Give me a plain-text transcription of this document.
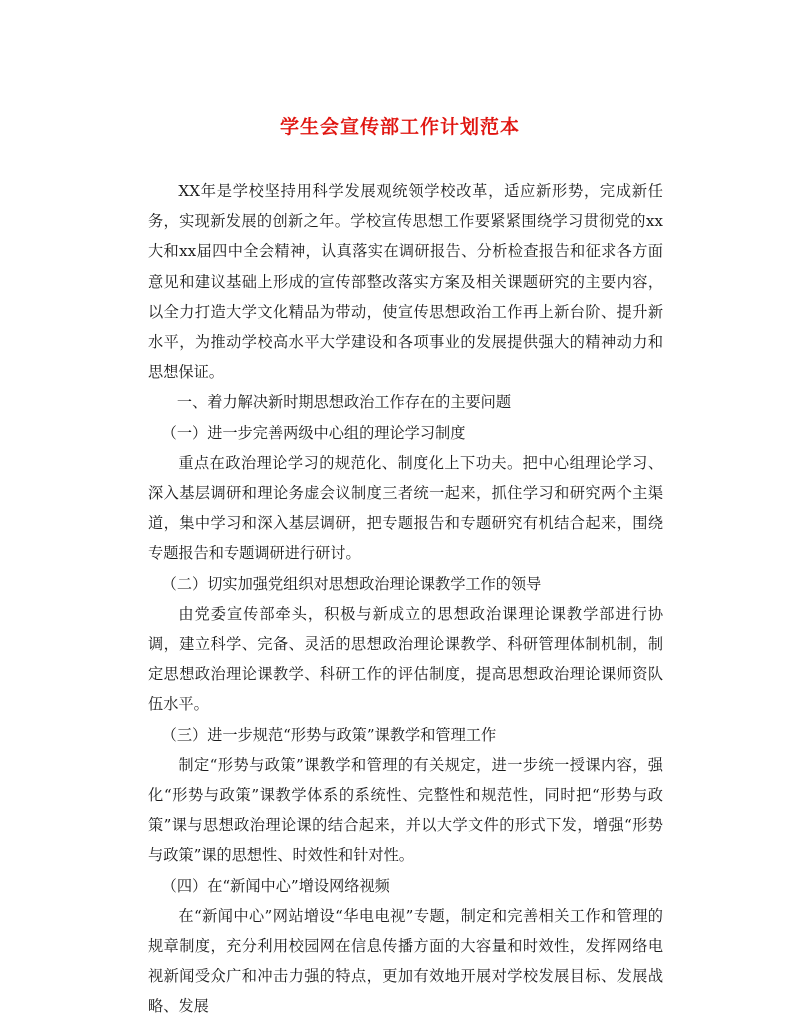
学生会宣传部工作计划范本

XX年是学校坚持用科学发展观统领学校改革，适应新形势，完成新任务，实现新发展的创新之年。学校宣传思想工作要紧紧围绕学习贯彻党的xx大和xx届四中全会精神，认真落实在调研报告、分析检查报告和征求各方面意见和建议基础上形成的宣传部整改落实方案及相关课题研究的主要内容，以全力打造大学文化精品为带动，使宣传思想政治工作再上新台阶、提升新水平，为推动学校高水平大学建设和各项事业的发展提供强大的精神动力和思想保证。

一、着力解决新时期思想政治工作存在的主要问题

（一）进一步完善两级中心组的理论学习制度

重点在政治理论学习的规范化、制度化上下功夫。把中心组理论学习、深入基层调研和理论务虚会议制度三者统一起来，抓住学习和研究两个主渠道，集中学习和深入基层调研，把专题报告和专题研究有机结合起来，围绕专题报告和专题调研进行研讨。

（二）切实加强党组织对思想政治理论课教学工作的领导

由党委宣传部牵头，积极与新成立的思想政治课理论课教学部进行协调，建立科学、完备、灵活的思想政治理论课教学、科研管理体制机制，制定思想政治理论课教学、科研工作的评估制度，提高思想政治理论课师资队伍水平。

（三）进一步规范“形势与政策”课教学和管理工作

制定“形势与政策”课教学和管理的有关规定，进一步统一授课内容，强化“形势与政策”课教学体系的系统性、完整性和规范性，同时把“形势与政策”课与思想政治理论课的结合起来，并以大学文件的形式下发，增强“形势与政策”课的思想性、时效性和针对性。

（四）在“新闻中心”增设网络视频

在“新闻中心”网站增设“华电电视”专题，制定和完善相关工作和管理的规章制度，充分利用校园网在信息传播方面的大容量和时效性，发挥网络电视新闻受众广和冲击力强的特点，更加有效地开展对学校发展目标、发展战略、发展
